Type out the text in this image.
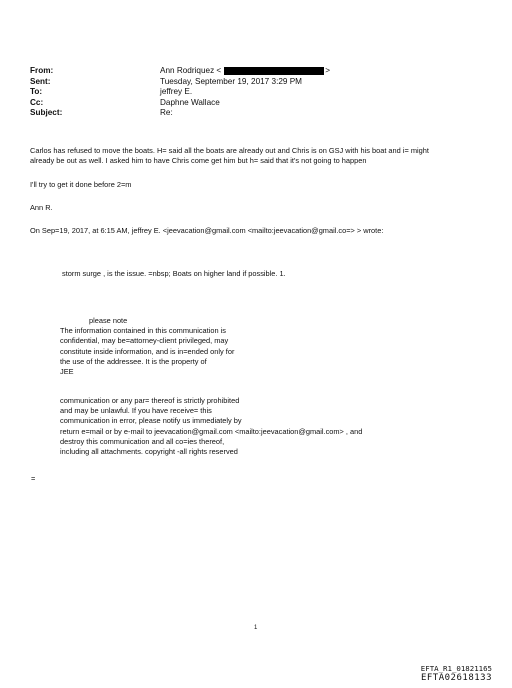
From:	Ann Rodriquez <	>
Sent:	Tuesday, September 19, 2017 3:29 PM
To:	jeffrey E.
Cc:	Daphne Wallace
Subject:	Re:
Carlos has refused to move the boats. H= said all the boats are already out and Chris is on GSJ with his boat and i= might
already be out as well. I asked him to have Chris come get him but h= said that it's not going to happen
I'll try to get it done before 2=m
Ann R.
On Sep=19, 2017, at 6:15 AM, jeffrey E. <jeevacation@gmail.com <mailto:jeevacation@gmail.co=> > wrote:
storm surge , is the issue. =nbsp; Boats on higher land if possible. 1.
please note
The information contained in this communication is
confidential, may be=attorney-client privileged, may
constitute inside information, and is in=ended only for
the use of the addressee. It is the property of
JEE
communication or any par= thereof is strictly prohibited
and may be unlawful. If you have receive= this
communication in error, please notify us immediately by
return e=mail or by e-mail to jeevacation@gmail.com <mailto:jeevacation@gmail.com> , and
destroy this communication and all co=ies thereof,
including all attachments. copyright -all rights reserved
=
1
EFTA_R1_01821165
EFTA02618133
